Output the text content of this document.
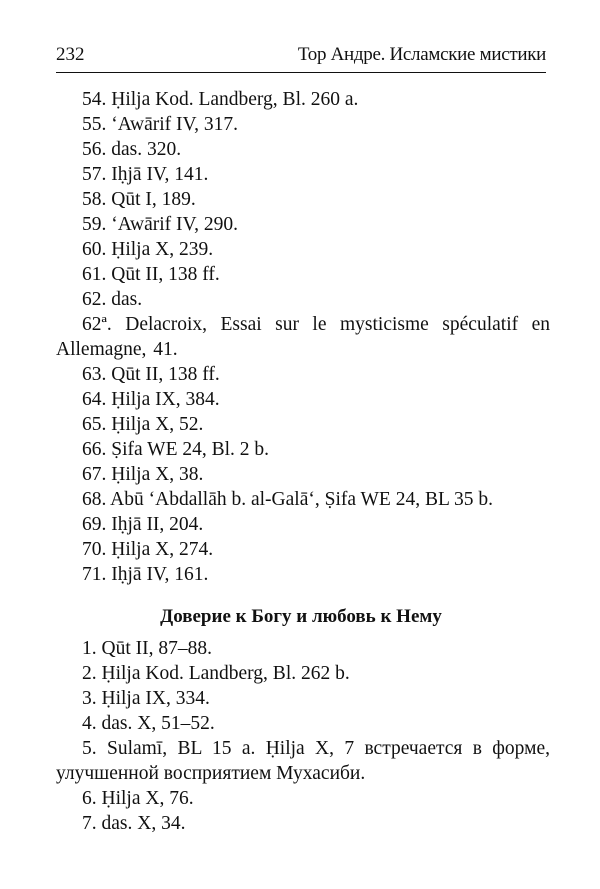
232	Тор Андре. Исламские мистики

54. Ḥilja Kod. Landberg, Bl. 260 a.

55. ‘Awārif IV, 317.

56. das. 320.

57. Iḥjā IV, 141.

58. Qūt I, 189.

59. ‘Awārif IV, 290.

60. Ḥilja X, 239.

61. Qūt II, 138 ff.

62. das.

62ª. Delacroix, Essai sur le mysticisme spéculatif en Allemagne, 41.

63. Qūt II, 138 ff.

64. Ḥilja IX, 384.

65. Ḥilja X, 52.

66. Ṣifa WE 24, Bl. 2 b.

67. Ḥilja X, 38.

68. Abū ‘Abdallāh b. al-Galā‘, Ṣifa WE 24, BL 35 b.

69. Iḥjā II, 204.

70. Ḥilja X, 274.

71. Iḥjā IV, 161.

Доверие к Богу и любовь к Нему

1. Qūt II, 87–88.

2. Ḥilja Kod. Landberg, Bl. 262 b.

3. Ḥilja IX, 334.

4. das. X, 51–52.

5. Sulamī, BL 15 a. Ḥilja X, 7 встречается в форме, улучшенной восприятием Мухасиби.

6. Ḥilja X, 76.

7. das. X, 34.
